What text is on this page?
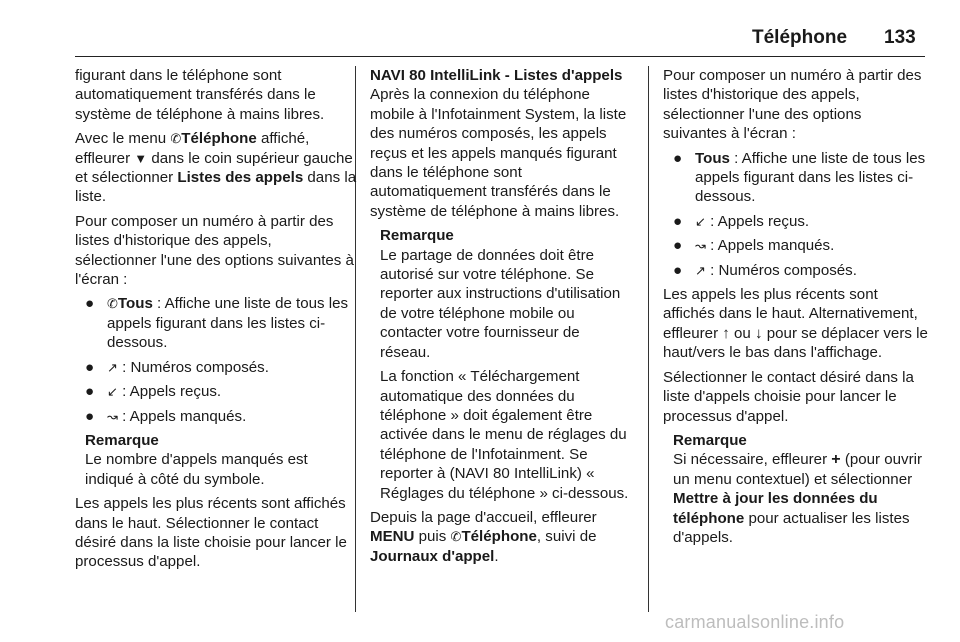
Téléphone 133

figurant dans le téléphone sont automatiquement transférés dans le système de téléphone à mains libres.

Avec le menu ✆Téléphone affiché, effleurer ▼ dans le coin supérieur gauche et sélectionner Listes des appels dans la liste.

Pour composer un numéro à partir des listes d'historique des appels, sélectionner l'une des options suivantes à l'écran :

● ✆Tous : Affiche une liste de tous les appels figurant dans les listes ci-dessous.
● ↗ : Numéros composés.
● ↙ : Appels reçus.
● ↝ : Appels manqués.
Remarque

Le nombre d'appels manqués est indiqué à côté du symbole.

Les appels les plus récents sont affichés dans le haut. Sélectionner le contact désiré dans la liste choisie pour lancer le processus d'appel.

NAVI 80 IntelliLink - Listes d'appels

Après la connexion du téléphone mobile à l'Infotainment System, la liste des numéros composés, les appels reçus et les appels manqués figurant dans le téléphone sont automatiquement transférés dans le système de téléphone à mains libres.

Remarque

Le partage de données doit être autorisé sur votre téléphone. Se reporter aux instructions d'utilisation de votre téléphone mobile ou contacter votre fournisseur de réseau.

La fonction « Téléchargement automatique des données du téléphone » doit également être activée dans le menu de réglages du téléphone de l'Infotainment. Se reporter à (NAVI 80 IntelliLink) « Réglages du téléphone » ci-dessous.

Depuis la page d'accueil, effleurer MENU puis ✆Téléphone, suivi de Journaux d'appel.

Pour composer un numéro à partir des listes d'historique des appels, sélectionner l'une des options suivantes à l'écran :

● Tous : Affiche une liste de tous les appels figurant dans les listes ci-dessous.
● ↙ : Appels reçus.
● ↝ : Appels manqués.
● ↗ : Numéros composés.

Les appels les plus récents sont affichés dans le haut. Alternativement, effleurer ↑ ou ↓ pour se déplacer vers le haut/vers le bas dans l'affichage.

Sélectionner le contact désiré dans la liste d'appels choisie pour lancer le processus d'appel.

Remarque

Si nécessaire, effleurer + (pour ouvrir un menu contextuel) et sélectionner Mettre à jour les données du téléphone pour actualiser les listes d'appels.

carmanualsonline.info
